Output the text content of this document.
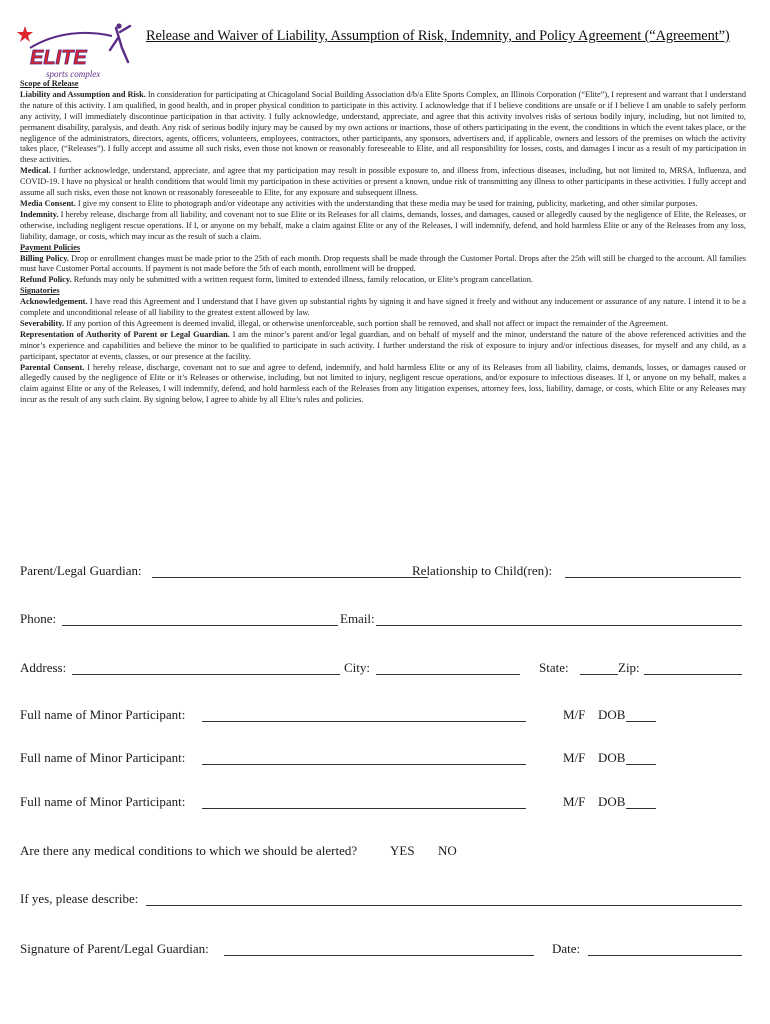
ELITE
sports complex
Release and Waiver of Liability, Assumption of Risk, Indemnity, and Policy Agreement (“Agreement”)

Scope of Release

Liability and Assumption and Risk. In consideration for participating at Chicagoland Social Building Association d/b/a Elite Sports Complex, an Illinois Corporation (“Elite”), I represent and warrant that I understand the nature of this activity. I am qualified, in good health, and in proper physical condition to participate in this activity. I acknowledge that if I believe conditions are unsafe or if I believe I am unable to safely perform any activity, I will immediately discontinue participation in that activity. I fully acknowledge, understand, appreciate, and agree that this activity involves risks of serious bodily injury, including, but not limited to, permanent disability, paralysis, and death. Any risk of serious bodily injury may be caused by my own actions or inactions, those of others participating in the event, the conditions in which the event takes place, or the negligence of the administrators, directors, agents, officers, volunteers, employees, contractors, other participants, any sponsors, advertisers and, if applicable, owners and lessors of the premises on which the activity takes place, (“Releases”). I fully accept and assume all such risks, even those not known or reasonably foreseeable to Elite, and all responsibility for losses, costs, and damages I incur as a result of my participation in these activities.

Medical. I further acknowledge, understand, appreciate, and agree that my participation may result in possible exposure to, and illness from, infectious diseases, including, but not limited to, MRSA, Influenza, and COVID-19. I have no physical or health conditions that would limit my participation in these activities or present a known, undue risk of transmitting any illness to other participants in these activities. I fully accept and assume all such risks, even those not known or reasonably foreseeable to Elite, for any exposure and subsequent illness.

Media Consent. I give my consent to Elite to photograph and/or videotape any activities with the understanding that these media may be used for training, publicity, marketing, and other similar purposes.

Indemnity. I hereby release, discharge from all liability, and covenant not to sue Elite or its Releases for all claims, demands, losses, and damages, caused or allegedly caused by the negligence of Elite, the Releases, or otherwise, including negligent rescue operations. If I, or anyone on my behalf, make a claim against Elite or any of the Releases, I will indemnify, defend, and hold harmless Elite or any of the Releases from any loss, liability, damage, or costs, which may incur as the result of such a claim.

Payment Policies

Billing Policy. Drop or enrollment changes must be made prior to the 25th of each month. Drop requests shall be made through the Customer Portal. Drops after the 25th will still be charged to the account. All families must have Customer Portal accounts. If payment is not made before the 5th of each month, enrollment will be dropped.

Refund Policy. Refunds may only be submitted with a written request form, limited to extended illness, family relocation, or Elite’s program cancellation.

Signatories

Acknowledgement. I have read this Agreement and I understand that I have given up substantial rights by signing it and have signed it freely and without any inducement or assurance of any nature. I intend it to be a complete and unconditional release of all liability to the greatest extent allowed by law.

Severability. If any portion of this Agreement is deemed invalid, illegal, or otherwise unenforceable, such portion shall be removed, and shall not affect or impact the remainder of the Agreement.

Representation of Authority of Parent or Legal Guardian. I am the minor’s parent and/or legal guardian, and on behalf of myself and the minor, understand the nature of the above referenced activities and the minor’s experience and capabilities and believe the minor to be qualified to participate in such activity. I further understand the risk of exposure to injury and/or infectious diseases, for myself and any child, as a participant, spectator at events, classes, or our presence at the facility.

Parental Consent. I hereby release, discharge, covenant not to sue and agree to defend, indemnify, and hold harmless Elite or any of its Releases from all liability, claims, demands, losses, or damages caused or allegedly caused by the negligence of Elite or it’s Releases or otherwise, including, but not limited to injury, negligent rescue operations, and/or exposure to infectious diseases. If I, or anyone on my behalf, makes a claim against Elite or any of the Releases, I will indemnify, defend, and hold harmless each of the Releases from any litigation expenses, attorney fees, loss, liability, damage, or costs, which Elite or any Releases may incur as the result of any such claim. By signing below, I agree to abide by all Elite’s rules and policies.

Parent/Legal Guardian:	Relationship to Child(ren):
Phone:	Email:
Address:	City:	State:	Zip:
Full name of Minor Participant:	M/F DOB
Full name of Minor Participant:	M/F DOB
Full name of Minor Participant:	M/F DOB
Are there any medical conditions to which we should be alerted?	YES NO
If yes, please describe:
Signature of Parent/Legal Guardian:	Date:
